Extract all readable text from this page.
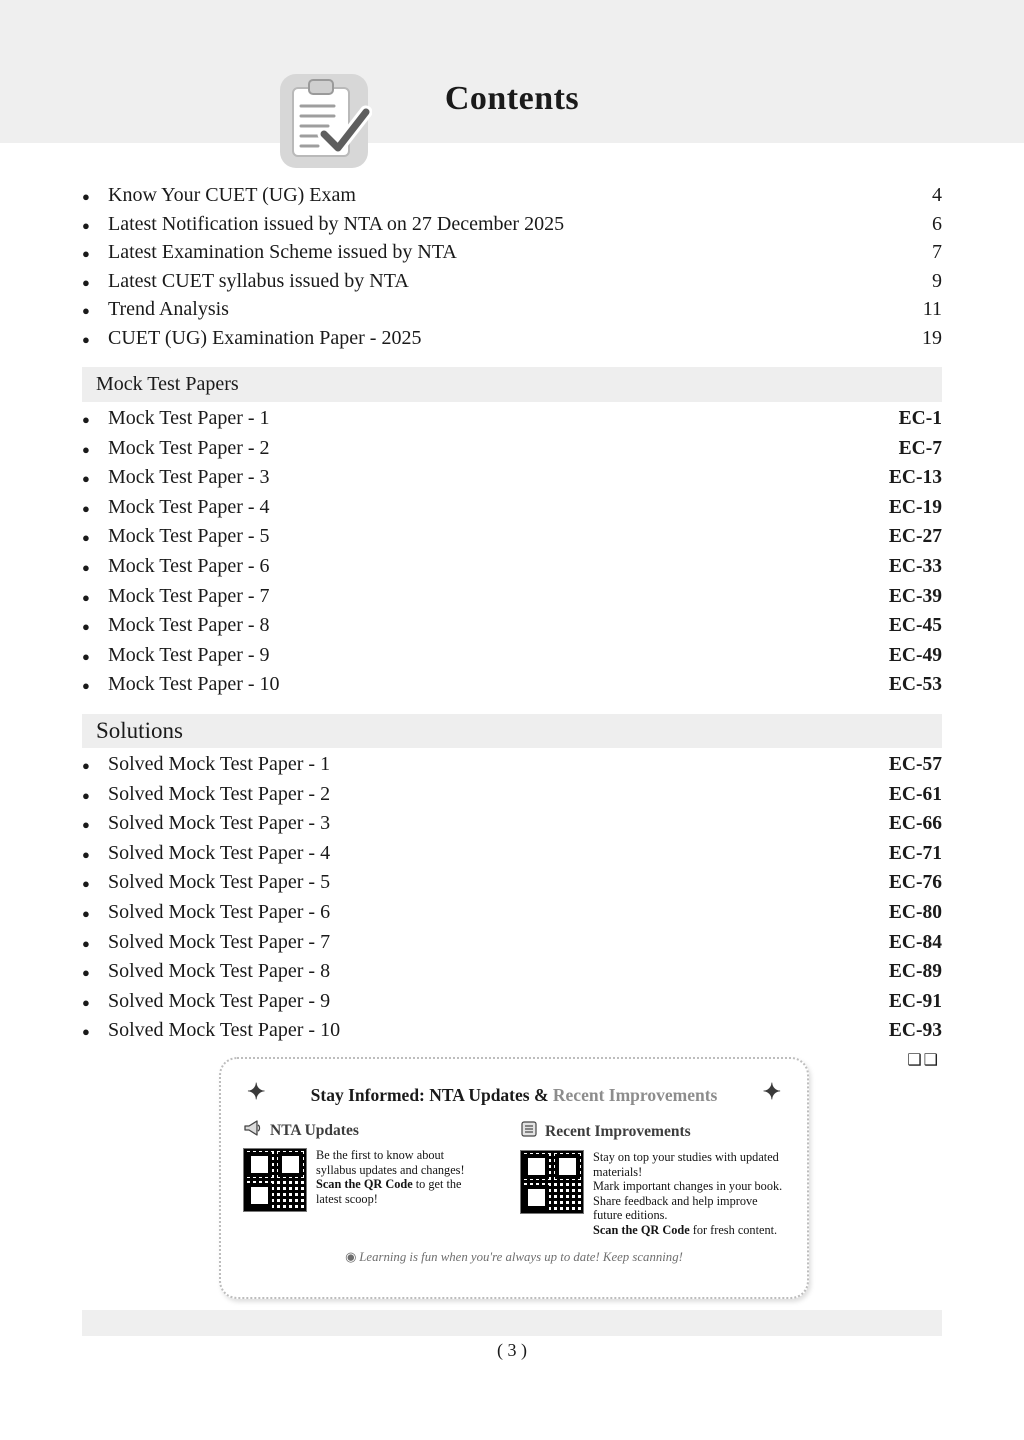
Contents
● Know Your CUET (UG) Exam	4
● Latest Notification issued by NTA on 27 December 2025	6
● Latest Examination Scheme issued by NTA	7
● Latest CUET syllabus issued by NTA	9
● Trend Analysis	11
● CUET (UG) Examination Paper - 2025	19
Mock Test Papers
● Mock Test Paper - 1	EC-1
● Mock Test Paper - 2	EC-7
● Mock Test Paper - 3	EC-13
● Mock Test Paper - 4	EC-19
● Mock Test Paper - 5	EC-27
● Mock Test Paper - 6	EC-33
● Mock Test Paper - 7	EC-39
● Mock Test Paper - 8	EC-45
● Mock Test Paper - 9	EC-49
● Mock Test Paper - 10	EC-53
Solutions
● Solved Mock Test Paper - 1	EC-57
● Solved Mock Test Paper - 2	EC-61
● Solved Mock Test Paper - 3	EC-66
● Solved Mock Test Paper - 4	EC-71
● Solved Mock Test Paper - 5	EC-76
● Solved Mock Test Paper - 6	EC-80
● Solved Mock Test Paper - 7	EC-84
● Solved Mock Test Paper - 8	EC-89
● Solved Mock Test Paper - 9	EC-91
● Solved Mock Test Paper - 10	EC-93
❑❑
✦	Stay Informed: NTA Updates & Recent Improvements ✦
NTA Updates
Be the first to know about
syllabus updates and changes!
Scan the QR Code to get the
latest scoop!
Recent Improvements
Stay on top your studies with updated
materials!
Mark important changes in your book.
Share feedback and help improve
future editions.
Scan the QR Code for fresh content.
◉ Learning is fun when you're always up to date! Keep scanning!
( 3 )
